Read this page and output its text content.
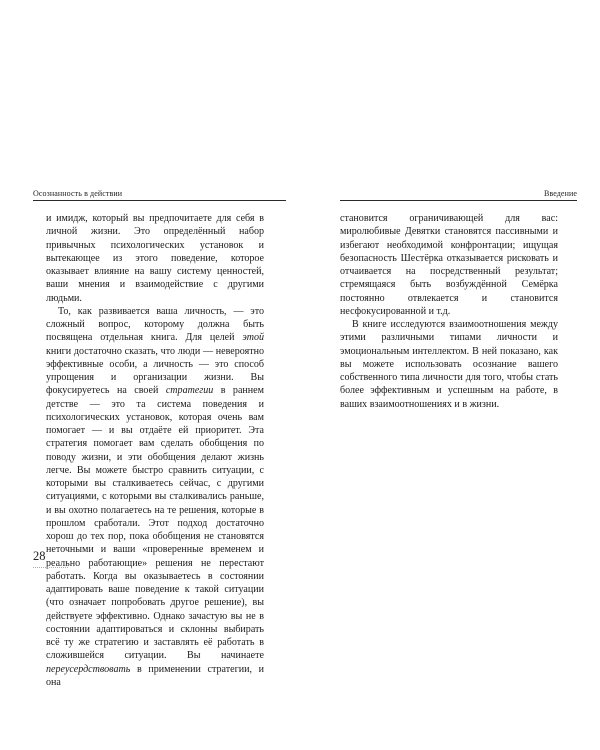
Осознанность в действии

и имидж, который вы предпочитаете для себя в личной жизни. Это определённый набор привычных психологических установок и вытекающее из этого поведение, которое оказывает влияние на вашу систему ценностей, ваши мнения и взаимодействие с другими людьми.

То, как развивается ваша личность, — это сложный вопрос, которому должна быть посвящена отдельная книга. Для целей этой книги достаточно сказать, что люди — невероятно эффективные особи, а личность — это способ упрощения и организации жизни. Вы фокусируетесь на своей стратегии в раннем детстве — это та система поведения и психологических установок, которая очень вам помогает — и вы отдаёте ей приоритет. Эта стратегия помогает вам сделать обобщения по поводу жизни, и эти обобщения делают жизнь легче. Вы можете быстро сравнить ситуации, с которыми вы сталкиваетесь сейчас, с другими ситуациями, с которыми вы сталкивались раньше, и вы охотно полагаетесь на те решения, которые в прошлом сработали. Этот подход достаточно хорош до тех пор, пока обобщения не становятся неточными и ваши «проверенные временем и реально работающие» решения не перестают работать. Когда вы оказываетесь в состоянии адаптировать ваше поведение к такой ситуации (что означает попробовать другое решение), вы действуете эффективно. Однако зачастую вы не в состоянии адаптироваться и склонны выбирать всё ту же стратегию и заставлять её работать в сложившейся ситуации. Вы начинаете переусердствовать в применении стратегии, и она

28
Введение

становится ограничивающей для вас: миролюбивые Девятки становятся пассивными и избегают необходимой конфронтации; ищущая безопасность Шестёрка отказывается рисковать и отчаивается на посредственный результат; стремящаяся быть возбуждённой Семёрка постоянно отвлекается и становится несфокусированной и т.д.

В книге исследуются взаимоотношения между этими различными типами личности и эмоциональным интеллектом. В ней показано, как вы можете использовать осознание вашего собственного типа личности для того, чтобы стать более эффективным и успешным на работе, в ваших взаимоотношениях и в жизни.
